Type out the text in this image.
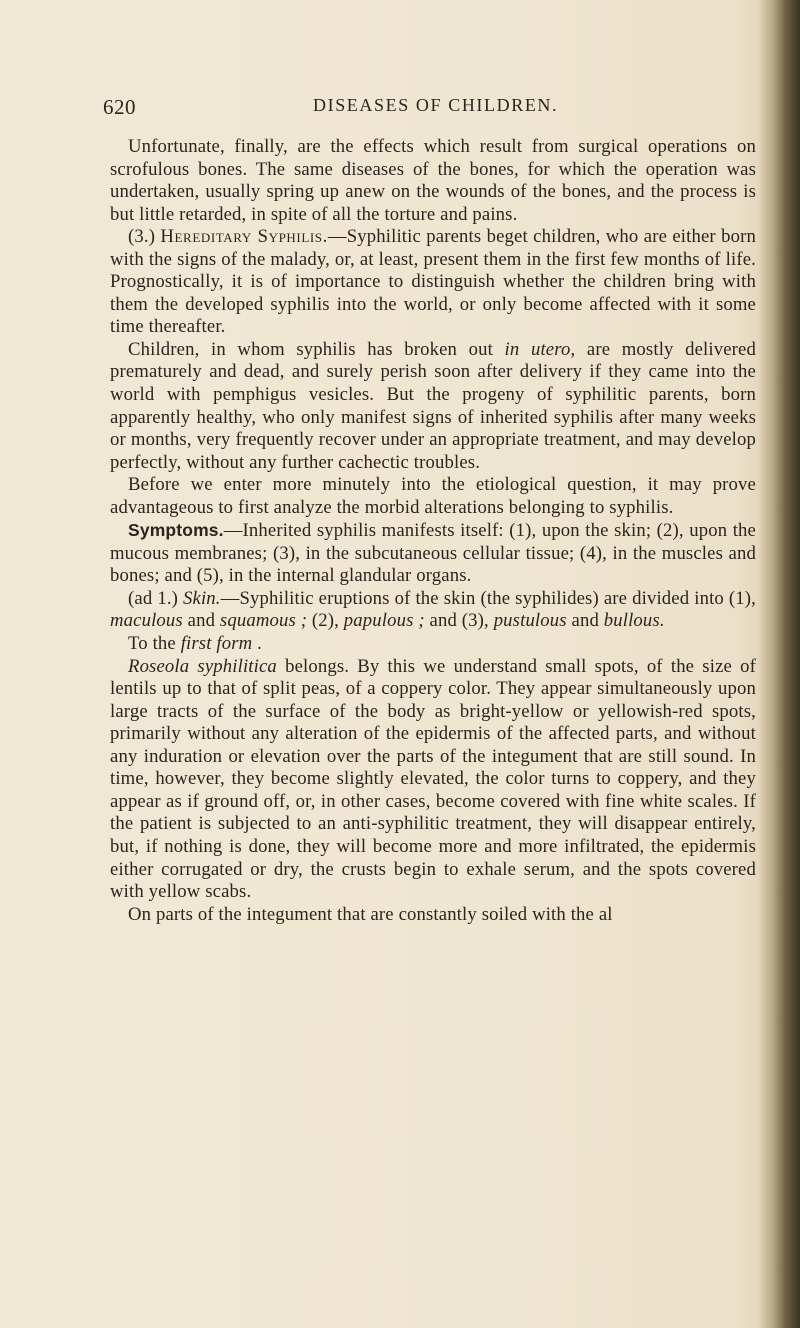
620	DISEASES OF CHILDREN.

Unfortunate, finally, are the effects which result from surgical operations on scrofulous bones. The same diseases of the bones, for which the operation was undertaken, usually spring up anew on the wounds of the bones, and the process is but little retarded, in spite of all the torture and pains.

(3.) Hereditary Syphilis.—Syphilitic parents beget children, who are either born with the signs of the malady, or, at least, present them in the first few months of life. Prognostically, it is of importance to distinguish whether the children bring with them the developed syphilis into the world, or only become affected with it some time thereafter.

Children, in whom syphilis has broken out in utero, are mostly delivered prematurely and dead, and surely perish soon after delivery if they came into the world with pemphigus vesicles. But the progeny of syphilitic parents, born apparently healthy, who only manifest signs of inherited syphilis after many weeks or months, very frequently recover under an appropriate treatment, and may develop perfectly, without any further cachectic troubles.

Before we enter more minutely into the etiological question, it may prove advantageous to first analyze the morbid alterations belonging to syphilis.

Symptoms.—Inherited syphilis manifests itself: (1), upon the skin; (2), upon the mucous membranes; (3), in the subcutaneous cellular tissue; (4), in the muscles and bones; and (5), in the internal glandular organs.

(ad 1.) Skin.—Syphilitic eruptions of the skin (the syphilides) are divided into (1), maculous and squamous ; (2), papulous ; and (3), pustulous and bullous.

To the first form .

Roseola syphilitica belongs. By this we understand small spots, of the size of lentils up to that of split peas, of a coppery color. They appear simultaneously upon large tracts of the surface of the body as bright-yellow or yellowish-red spots, primarily without any alteration of the epidermis of the affected parts, and without any induration or elevation over the parts of the integument that are still sound. In time, however, they become slightly elevated, the color turns to coppery, and they appear as if ground off, or, in other cases, become covered with fine white scales. If the patient is subjected to an anti-syphilitic treatment, they will disappear entirely, but, if nothing is done, they will become more and more infiltrated, the epidermis either corrugated or dry, the crusts begin to exhale serum, and the spots covered with yellow scabs.

On parts of the integument that are constantly soiled with the al
